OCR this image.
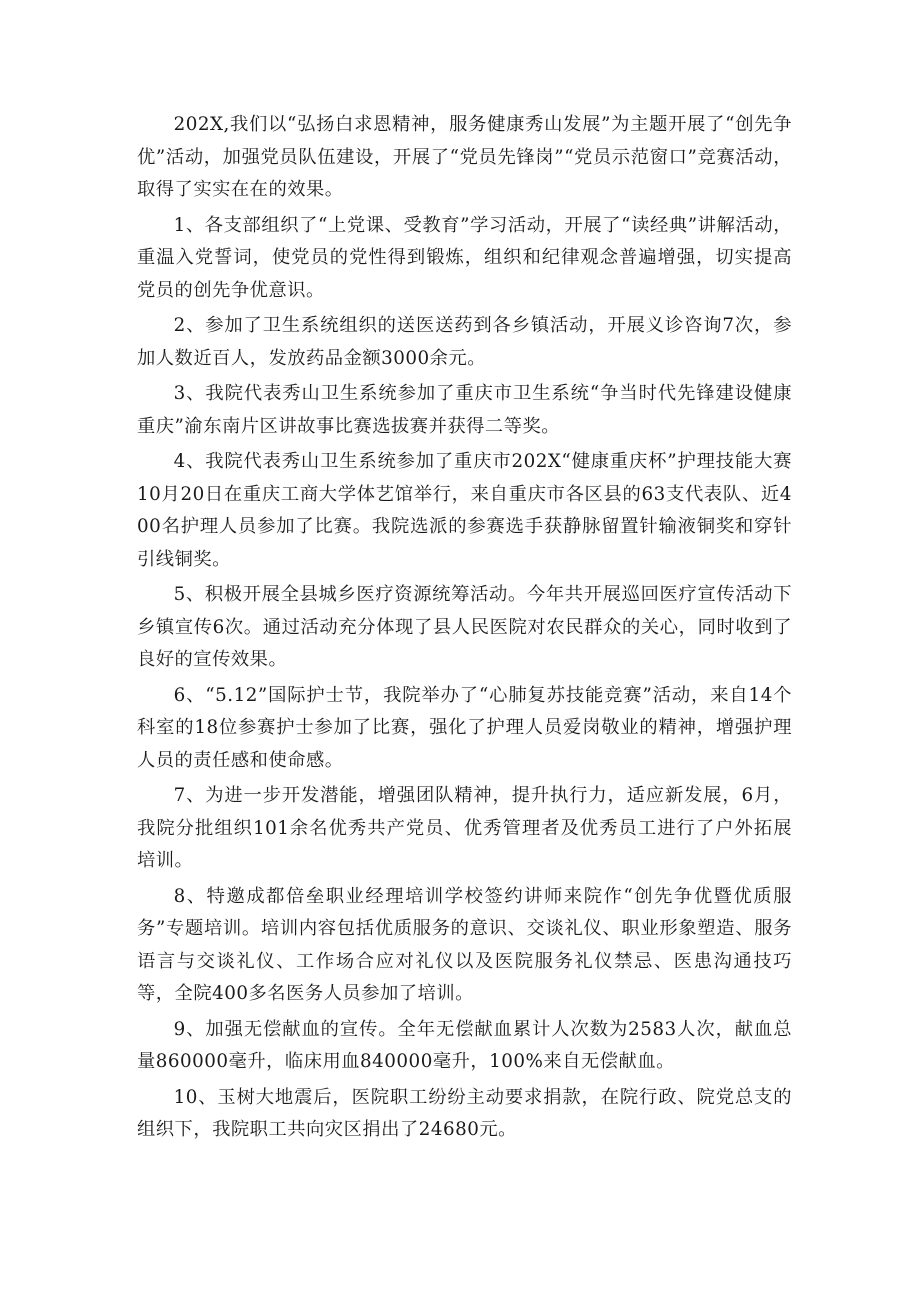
202X,我们以“弘扬白求恩精神，服务健康秀山发展”为主题开展了“创先争优”活动，加强党员队伍建设，开展了“党员先锋岗”“党员示范窗口”竞赛活动，取得了实实在在的效果。

1、各支部组织了“上党课、受教育”学习活动，开展了“读经典”讲解活动，重温入党誓词，使党员的党性得到锻炼，组织和纪律观念普遍增强，切实提高党员的创先争优意识。

2、参加了卫生系统组织的送医送药到各乡镇活动，开展义诊咨询7次，参加人数近百人，发放药品金额3000余元。

3、我院代表秀山卫生系统参加了重庆市卫生系统“争当时代先锋建设健康重庆”渝东南片区讲故事比赛选拔赛并获得二等奖。

4、我院代表秀山卫生系统参加了重庆市202X“健康重庆杯”护理技能大赛10月20日在重庆工商大学体艺馆举行，来自重庆市各区县的63支代表队、近400名护理人员参加了比赛。我院选派的参赛选手获静脉留置针输液铜奖和穿针引线铜奖。

5、积极开展全县城乡医疗资源统筹活动。今年共开展巡回医疗宣传活动下乡镇宣传6次。通过活动充分体现了县人民医院对农民群众的关心，同时收到了良好的宣传效果。

6、“5.12”国际护士节，我院举办了“心肺复苏技能竞赛”活动，来自14个科室的18位参赛护士参加了比赛，强化了护理人员爱岗敬业的精神，增强护理人员的责任感和使命感。

7、为进一步开发潜能，增强团队精神，提升执行力，适应新发展，6月，我院分批组织101余名优秀共产党员、优秀管理者及优秀员工进行了户外拓展培训。

8、特邀成都倍垒职业经理培训学校签约讲师来院作“创先争优暨优质服务”专题培训。培训内容包括优质服务的意识、交谈礼仪、职业形象塑造、服务语言与交谈礼仪、工作场合应对礼仪以及医院服务礼仪禁忌、医患沟通技巧等，全院400多名医务人员参加了培训。

9、加强无偿献血的宣传。全年无偿献血累计人次数为2583人次，献血总量860000毫升，临床用血840000毫升，100%来自无偿献血。

10、玉树大地震后，医院职工纷纷主动要求捐款，在院行政、院党总支的组织下，我院职工共向灾区捐出了24680元。
